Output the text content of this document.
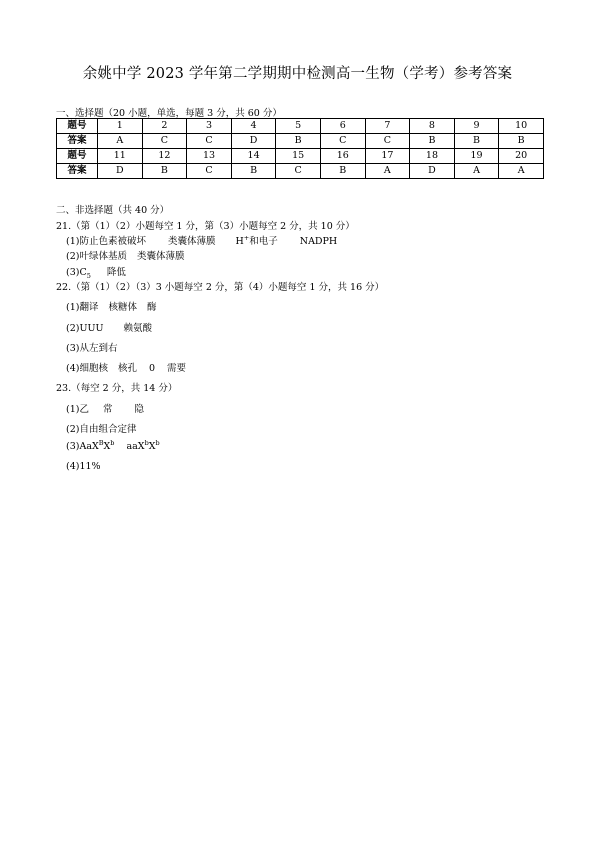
余姚中学 2023 学年第二学期期中检测高一生物（学考）参考答案
一、选择题（20 小题，单选，每题 3 分，共 60 分）
题号	1	2	3	4	5	6	7	8	9	10
答案	A	C	C	D	B	C	C	B	B	B
题号	11	12	13	14	15	16	17	18	19	20
答案	D	B	C	B	C	B	A	D	A	A
二、非选择题（共 40 分）
21.（第（1）（2）小题每空 1 分，第（3）小题每空 2 分，共 10 分）
(1)防止色素被破坏 类囊体薄膜 H+和电子 NADPH
(2)叶绿体基质 类囊体薄膜
$(3)C_5$ 降低
22.（第（1）（2）（3）3 小题每空 2 分，第（4）小题每空 1 分，共 16 分）
(1)翻译 核糖体 酶
(2)UUU 赖氨酸
(3)从左到右
(4)细胞核 核孔 0 需要
23.（每空 2 分，共 14 分）
(1)乙 常 隐
(2)自由组合定律
$(3)AaX^BX^b$ $aaX^bX^b$
(4)11%
